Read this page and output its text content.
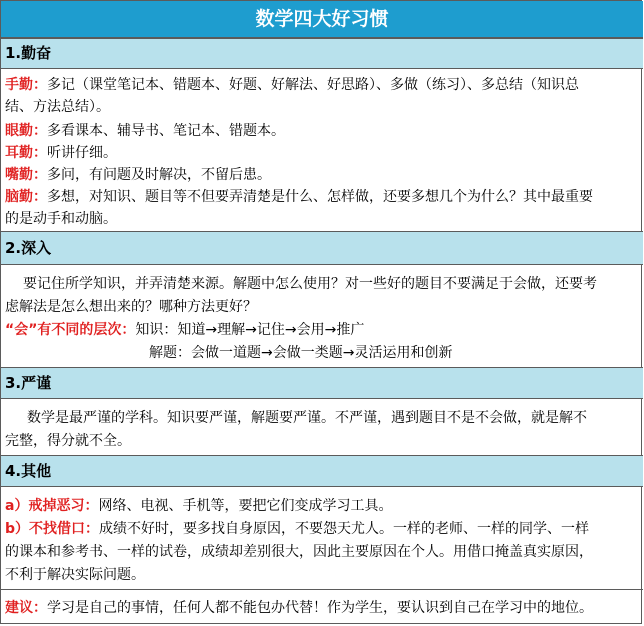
数学四大好习惯
1.勤奋
手勤：多记（课堂笔记本、错题本、好题、好解法、好思路）、多做（练习）、多总结（知识总
结、方法总结）。
眼勤：多看课本、辅导书、笔记本、错题本。
耳勤：听讲仔细。
嘴勤：多问，有问题及时解决，不留后患。
脑勤：多想，对知识、题目等不但要弄清楚是什么、怎样做，还要多想几个为什么？其中最重要
的是动手和动脑。
2.深入
要记住所学知识，并弄清楚来源。解题中怎么使用？对一些好的题目不要满足于会做，还要考
虑解法是怎么想出来的？哪种方法更好？
“会”有不同的层次：知识：知道→理解→记住→会用→推广
解题：会做一道题→会做一类题→灵活运用和创新
3.严谨
数学是最严谨的学科。知识要严谨，解题要严谨。不严谨，遇到题目不是不会做，就是解不
完整，得分就不全。
4.其他
a）戒掉恶习：网络、电视、手机等，要把它们变成学习工具。
b）不找借口：成绩不好时，要多找自身原因，不要怨天尤人。一样的老师、一样的同学、一样
的课本和参考书、一样的试卷，成绩却差别很大，因此主要原因在个人。用借口掩盖真实原因，
不利于解决实际问题。
建议：学习是自己的事情，任何人都不能包办代替！作为学生，要认识到自己在学习中的地位。
